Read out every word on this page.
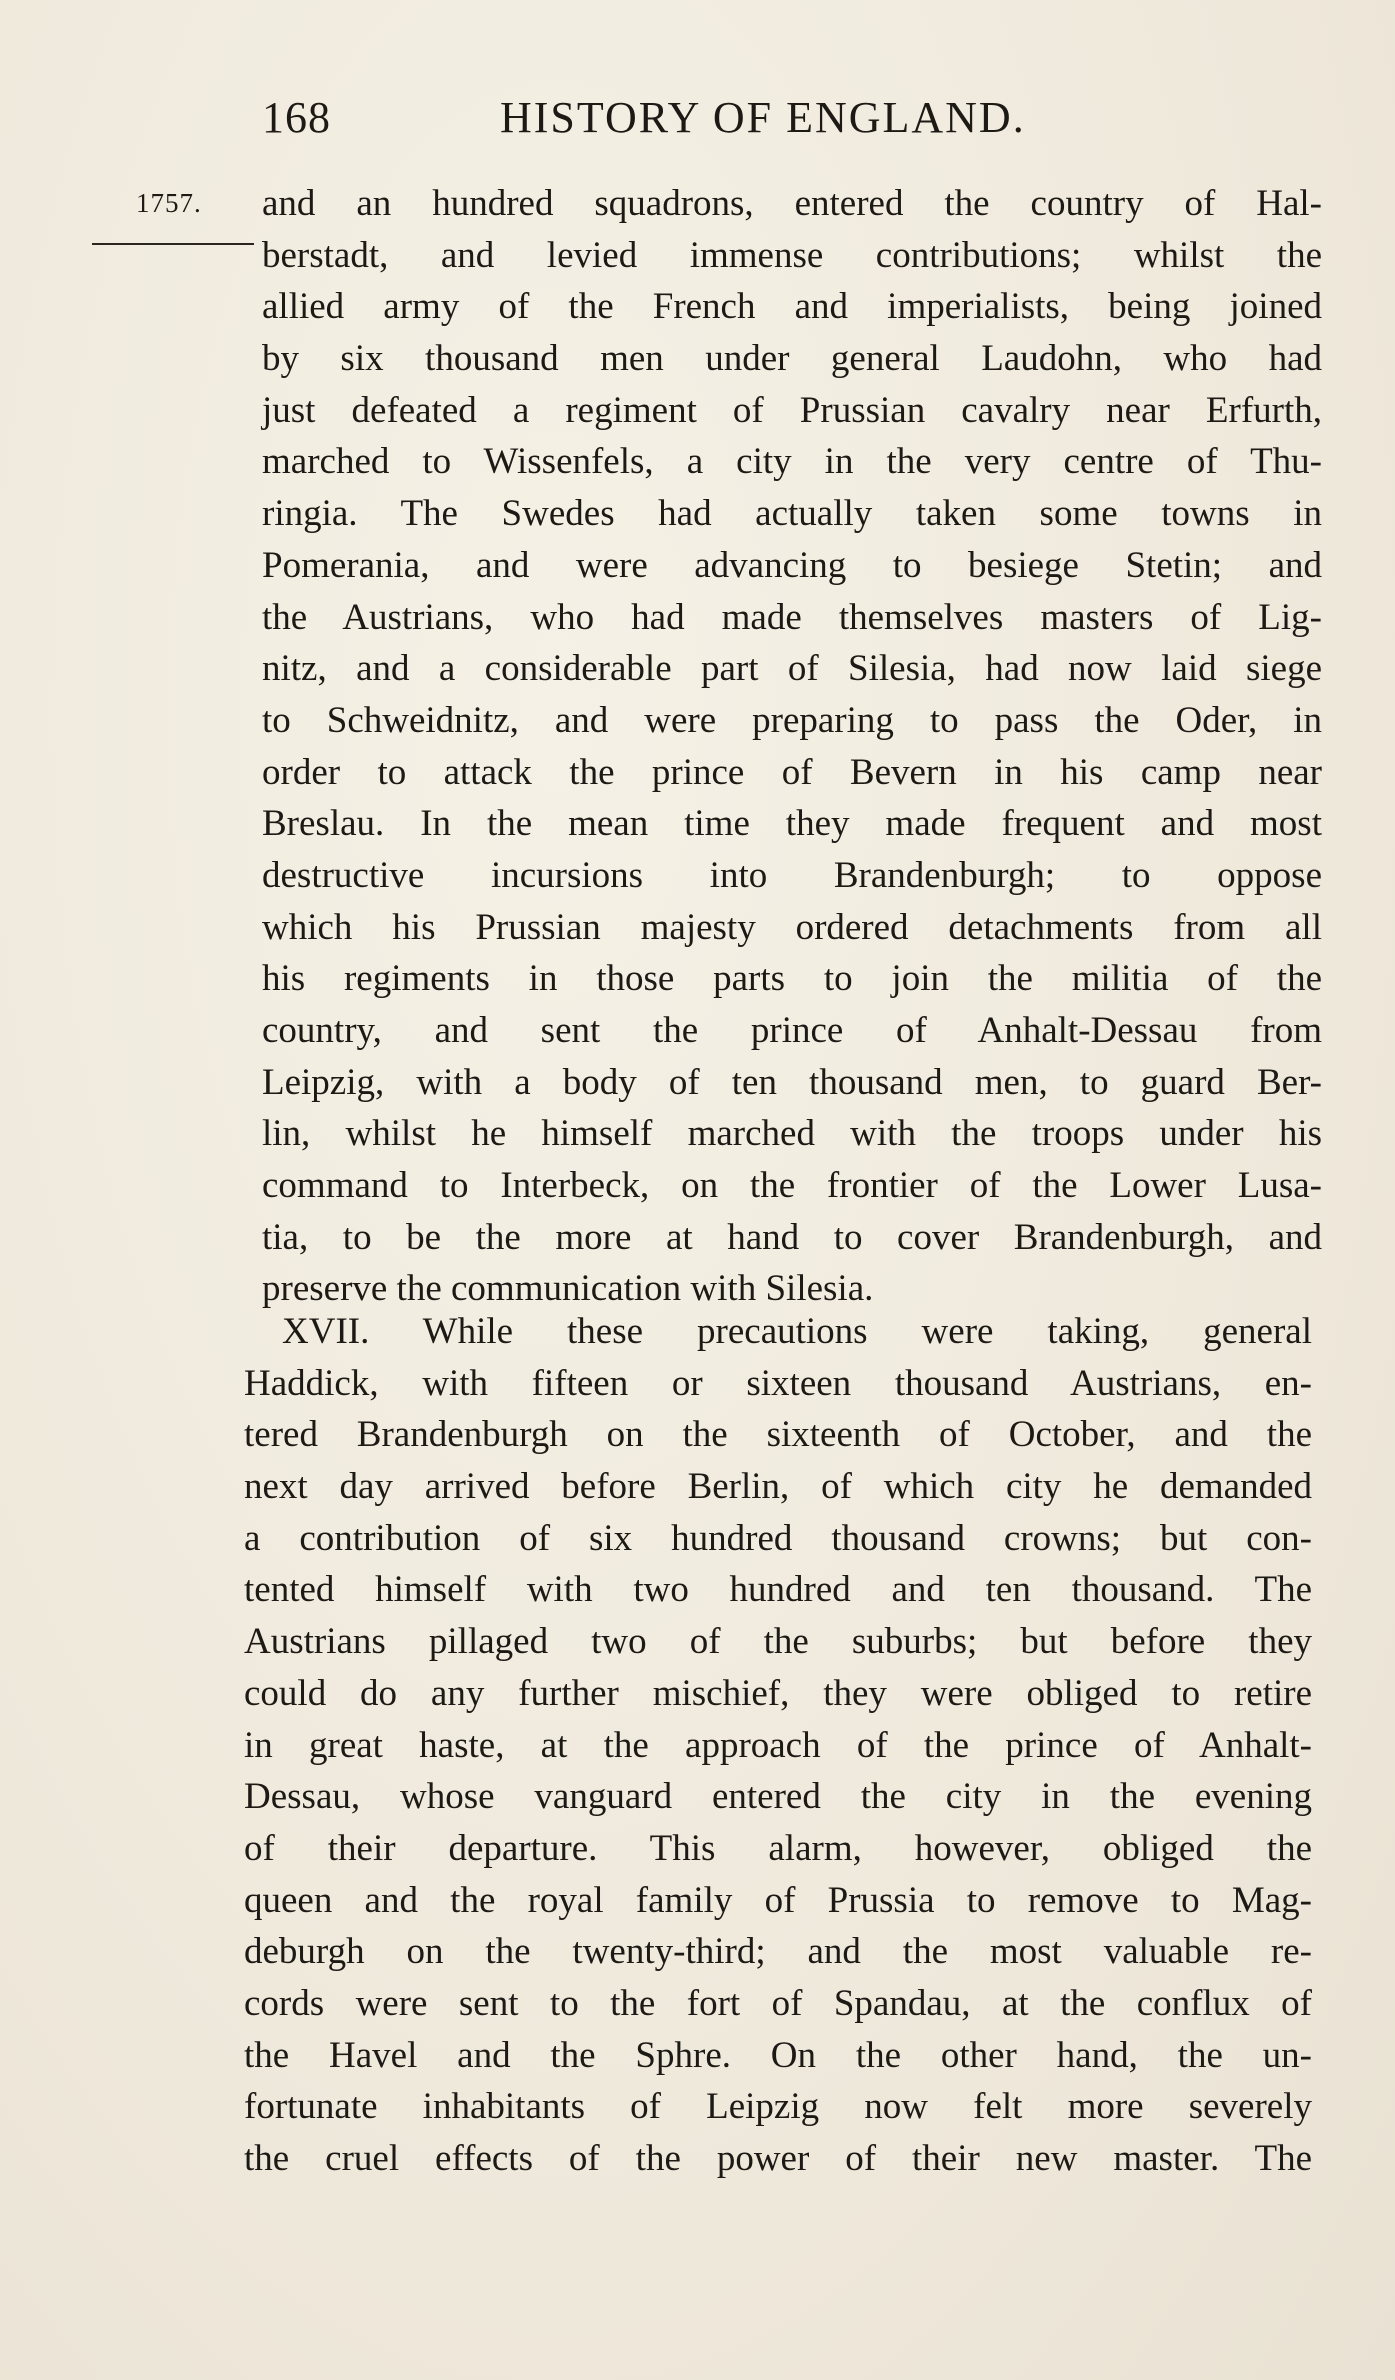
168	HISTORY OF ENGLAND.
1757. and an hundred squadrons, entered the country of Hal-
berstadt, and levied immense contributions; whilst the
allied army of the French and imperialists, being joined
by six thousand men under general Laudohn, who had
just defeated a regiment of Prussian cavalry near Erfurth,
marched to Wissenfels, a city in the very centre of Thu-
ringia. The Swedes had actually taken some towns in
Pomerania, and were advancing to besiege Stetin; and
the Austrians, who had made themselves masters of Lig-
nitz, and a considerable part of Silesia, had now laid siege
to Schweidnitz, and were preparing to pass the Oder, in
order to attack the prince of Bevern in his camp near
Breslau. In the mean time they made frequent and most
destructive incursions into Brandenburgh; to oppose
which his Prussian majesty ordered detachments from all
his regiments in those parts to join the militia of the
country, and sent the prince of Anhalt-Dessau from
Leipzig, with a body of ten thousand men, to guard Ber-
lin, whilst he himself marched with the troops under his
command to Interbeck, on the frontier of the Lower Lusa-
tia, to be the more at hand to cover Brandenburgh, and
preserve the communication with Silesia.
XVII. While these precautions were taking, general
Haddick, with fifteen or sixteen thousand Austrians, en-
tered Brandenburgh on the sixteenth of October, and the
next day arrived before Berlin, of which city he demanded
a contribution of six hundred thousand crowns; but con-
tented himself with two hundred and ten thousand. The
Austrians pillaged two of the suburbs; but before they
could do any further mischief, they were obliged to retire
in great haste, at the approach of the prince of Anhalt-
Dessau, whose vanguard entered the city in the evening
of their departure. This alarm, however, obliged the
queen and the royal family of Prussia to remove to Mag-
deburgh on the twenty-third; and the most valuable re-
cords were sent to the fort of Spandau, at the conflux of
the Havel and the Sphre. On the other hand, the un-
fortunate inhabitants of Leipzig now felt more severely
the cruel effects of the power of their new master. The
